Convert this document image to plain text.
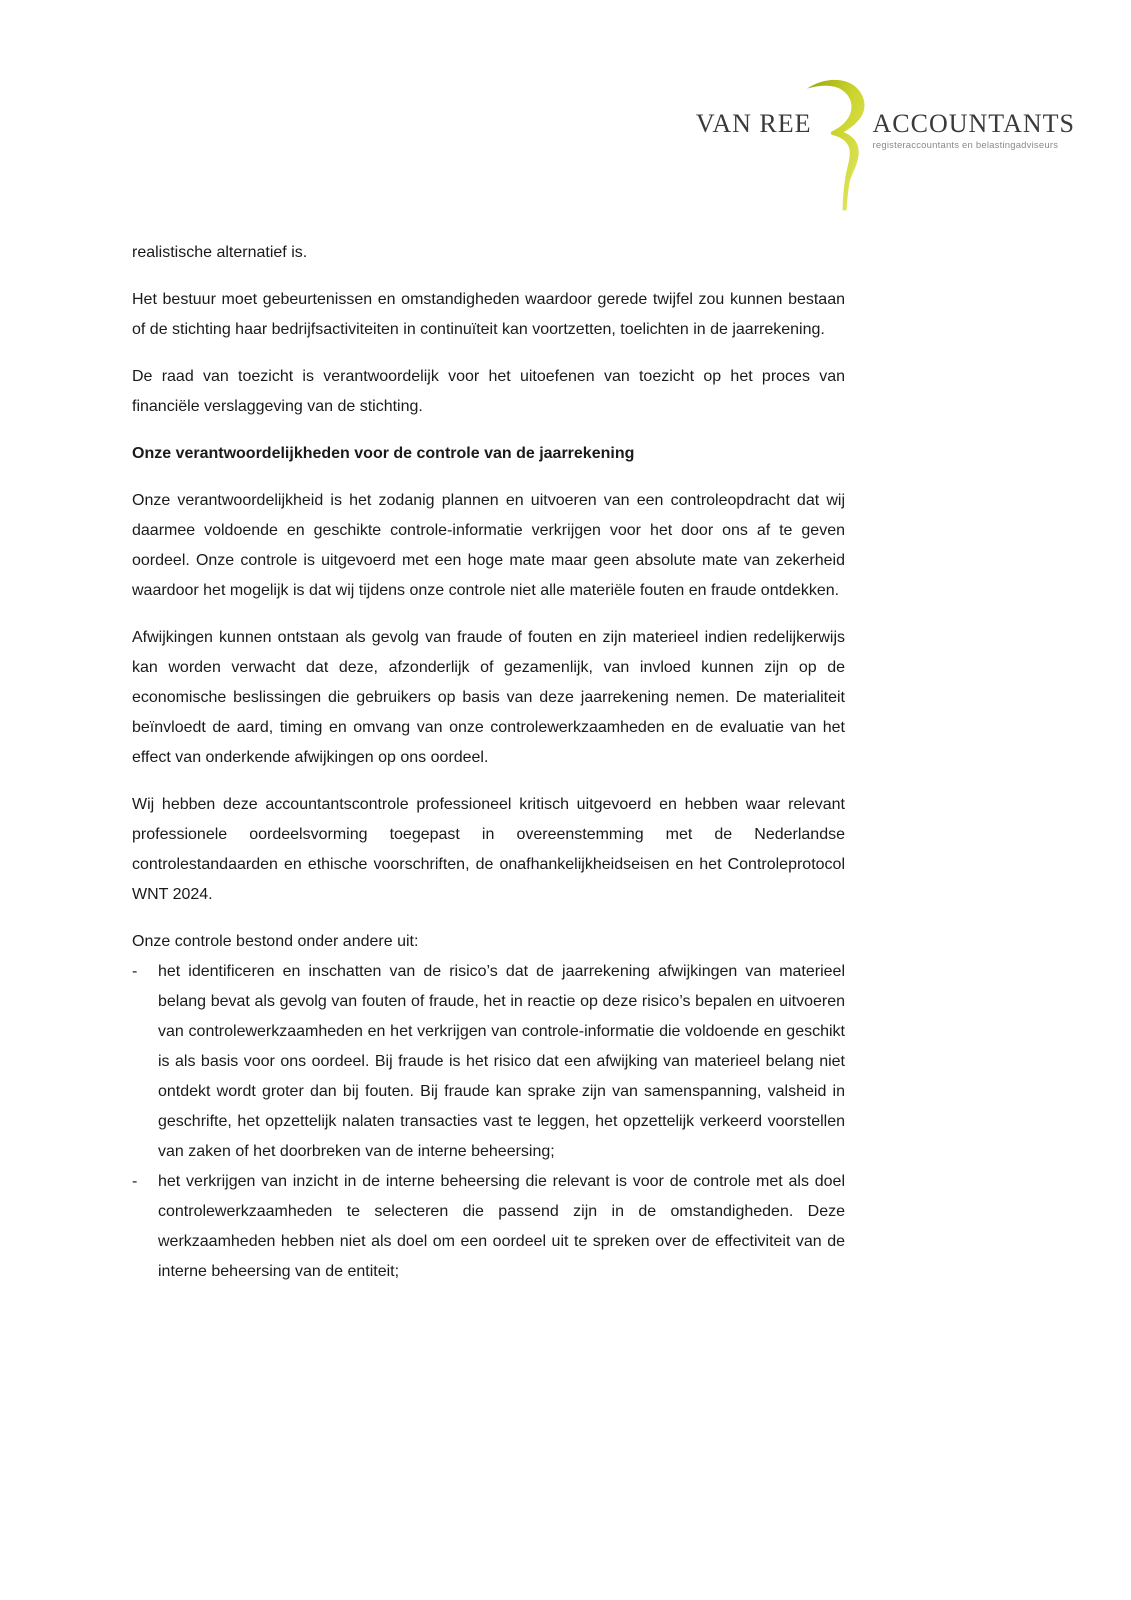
VAN REE ACCOUNTANTS
registeraccountants en belastingadviseurs

realistische alternatief is.

Het bestuur moet gebeurtenissen en omstandigheden waardoor gerede twijfel zou kunnen bestaan of de stichting haar bedrijfsactiviteiten in continuïteit kan voortzetten, toelichten in de jaarrekening.

De raad van toezicht is verantwoordelijk voor het uitoefenen van toezicht op het proces van financiële verslaggeving van de stichting.

Onze verantwoordelijkheden voor de controle van de jaarrekening

Onze verantwoordelijkheid is het zodanig plannen en uitvoeren van een controleopdracht dat wij daarmee voldoende en geschikte controle-informatie verkrijgen voor het door ons af te geven oordeel. Onze controle is uitgevoerd met een hoge mate maar geen absolute mate van zekerheid waardoor het mogelijk is dat wij tijdens onze controle niet alle materiële fouten en fraude ontdekken.

Afwijkingen kunnen ontstaan als gevolg van fraude of fouten en zijn materieel indien redelijkerwijs kan worden verwacht dat deze, afzonderlijk of gezamenlijk, van invloed kunnen zijn op de economische beslissingen die gebruikers op basis van deze jaarrekening nemen. De materialiteit beïnvloedt de aard, timing en omvang van onze controlewerkzaamheden en de evaluatie van het effect van onderkende afwijkingen op ons oordeel.

Wij hebben deze accountantscontrole professioneel kritisch uitgevoerd en hebben waar relevant professionele oordeelsvorming toegepast in overeenstemming met de Nederlandse controlestandaarden en ethische voorschriften, de onafhankelijkheidseisen en het Controleprotocol WNT 2024.

Onze controle bestond onder andere uit:

-	het identificeren en inschatten van de risico’s dat de jaarrekening afwijkingen van materieel belang bevat als gevolg van fouten of fraude, het in reactie op deze risico’s bepalen en uitvoeren van controlewerkzaamheden en het verkrijgen van controle-informatie die voldoende en geschikt is als basis voor ons oordeel. Bij fraude is het risico dat een afwijking van materieel belang niet ontdekt wordt groter dan bij fouten. Bij fraude kan sprake zijn van samenspanning, valsheid in geschrifte, het opzettelijk nalaten transacties vast te leggen, het opzettelijk verkeerd voorstellen van zaken of het doorbreken van de interne beheersing;
-	het verkrijgen van inzicht in de interne beheersing die relevant is voor de controle met als doel controlewerkzaamheden te selecteren die passend zijn in de omstandigheden. Deze werkzaamheden hebben niet als doel om een oordeel uit te spreken over de effectiviteit van de interne beheersing van de entiteit;
